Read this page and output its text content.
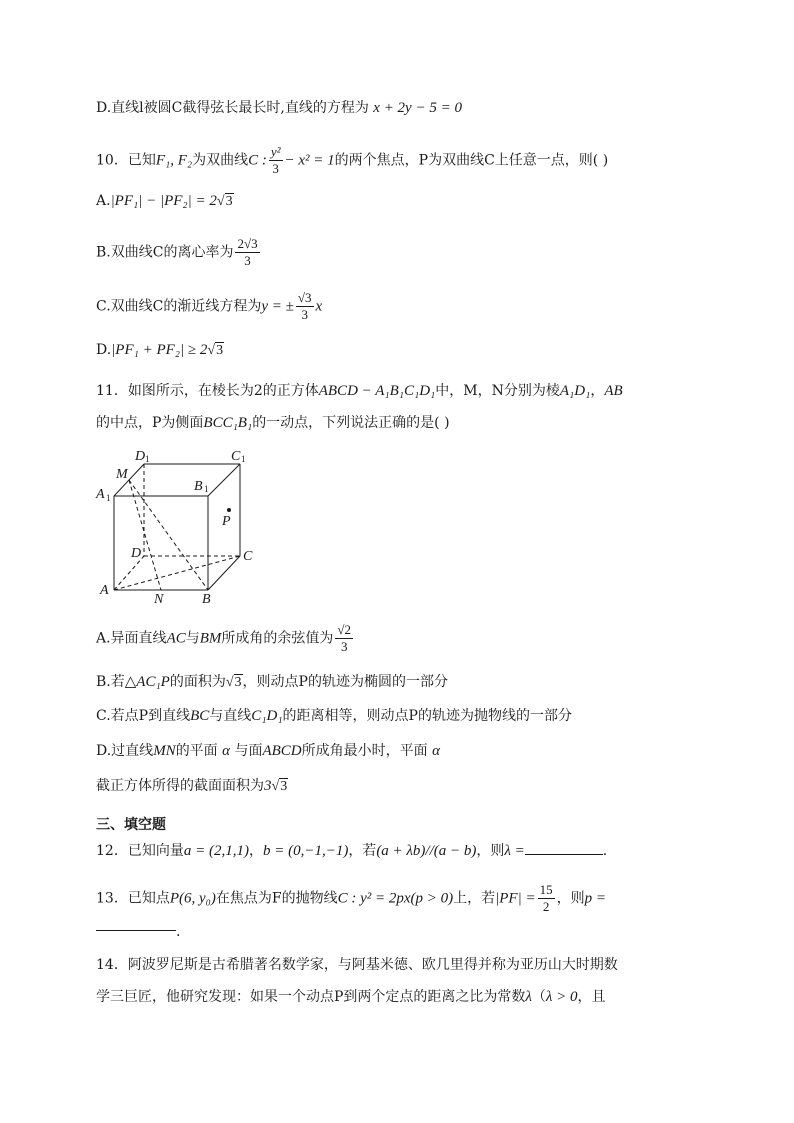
D.直线l被圆C截得弦长最长时,直线的方程为 x + 2y − 5 = 0
10．已知F₁, F₂为双曲线C : $\frac{\text{y²}}{3} - x^2 = 1$的两个焦点，P为双曲线C上任意一点，则( )
A.|PF₁| − |PF₂| = 2√3
B.双曲线C的离心率为 $\frac{2√3}{3}$
C.双曲线C的渐近线方程为y = ± $\frac{√3}{3}$ x
D.|PF₁ + PF₂| ≥ 2√3
11．如图所示，在棱长为2的正方体ABCD − A₁B₁C₁D₁中，M，N分别为棱A₁D₁，AB
的中点，P为侧面BCC₁B₁的一动点，下列说法正确的是( )
D 1	C 1
M
A 1
B 1
P
D	C
A
N	B
A.异面直线AC与BM所成角的余弦值为 $\frac{√2}{3}$
B.若△AC₁P的面积为√3，则动点P的轨迹为椭圆的一部分
C.若点P到直线BC与直线C₁D₁的距离相等，则动点P的轨迹为抛物线的一部分
D.过直线MN的平面 α 与面ABCD所成角最小时，平面 α
截正方体所得的截面面积为3√3
三、填空题
12．已知向量a = (2,1,1)，b = (0,−1,−1)，若(a + λb)//(a − b)，则λ =	.
13．已知点P(6, y₀)在焦点为F的抛物线C : y² = 2px(p > 0)上，若$|PF| = \frac{15}{2}$ ，则p =
.
14．阿波罗尼斯是古希腊著名数学家，与阿基米德、欧几里得并称为亚历山大时期数
学三巨匠，他研究发现：如果一个动点P到两个定点的距离之比为常数λ（λ > 0，且
